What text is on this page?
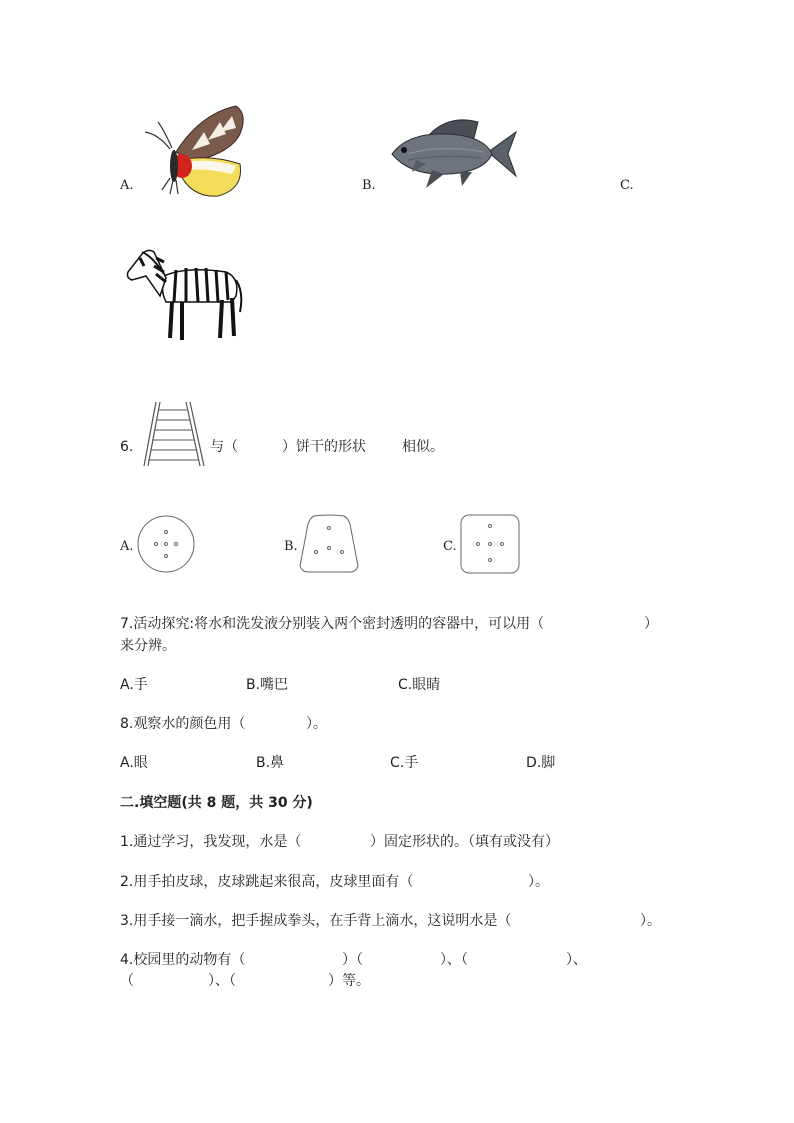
A.	B.	C.
6.	与（	）饼干的形状	相似。
A.	B.	C.
7.活动探究:将水和洗发液分别装入两个密封透明的容器中，可以用（	）
来分辨。
A.手	B.嘴巴	C.眼睛
8.观察水的颜色用（	）。
A.眼	B.鼻	C.手	D.脚
二.填空题(共 8 题，共 30 分)
1.通过学习，我发现，水是（	）固定形状的。（填有或没有）
2.用手拍皮球，皮球跳起来很高，皮球里面有（	）。
3.用手接一滴水，把手握成拳头，在手背上滴水，这说明水是（	）。
4.校园里的动物有（	）（	）、（	）、
（	）、（	）等。
